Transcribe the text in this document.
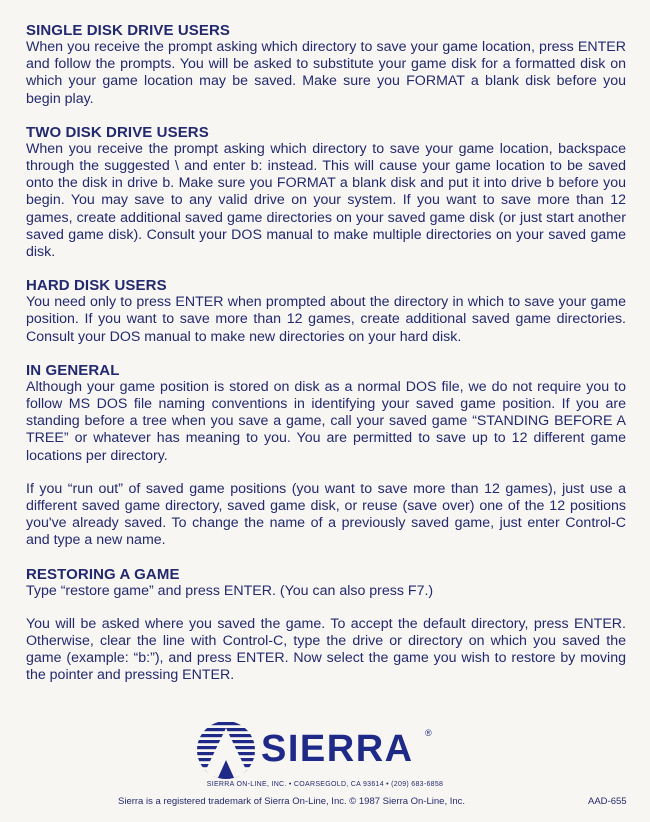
SINGLE DISK DRIVE USERS

When you receive the prompt asking which directory to save your game location, press ENTER and follow the prompts. You will be asked to substitute your game disk for a formatted disk on which your game location may be saved. Make sure you FORMAT a blank disk before you begin play.

TWO DISK DRIVE USERS

When you receive the prompt asking which directory to save your game location, backspace through the suggested \ and enter b: instead. This will cause your game location to be saved onto the disk in drive b. Make sure you FORMAT a blank disk and put it into drive b before you begin. You may save to any valid drive on your system. If you want to save more than 12 games, create additional saved game directories on your saved game disk (or just start another saved game disk). Consult your DOS manual to make multiple directories on your saved game disk.

HARD DISK USERS

You need only to press ENTER when prompted about the directory in which to save your game position. If you want to save more than 12 games, create additional saved game directories. Consult your DOS manual to make new directories on your hard disk.

IN GENERAL

Although your game position is stored on disk as a normal DOS file, we do not require you to follow MS DOS file naming conventions in identifying your saved game position. If you are standing before a tree when you save a game, call your saved game “STANDING BEFORE A TREE” or whatever has meaning to you. You are permitted to save up to 12 different game locations per directory.

If you “run out” of saved game positions (you want to save more than 12 games), just use a different saved game directory, saved game disk, or reuse (save over) one of the 12 positions you've already saved. To change the name of a previously saved game, just enter Control-C and type a new name.

RESTORING A GAME

Type “restore game” and press ENTER. (You can also press F7.)

You will be asked where you saved the game. To accept the default directory, press ENTER. Otherwise, clear the line with Control-C, type the drive or directory on which you saved the game (example: “b:”), and press ENTER. Now select the game you wish to restore by moving the pointer and pressing ENTER.

SIERRA ®
SIERRA ON-LINE, INC. • COARSEGOLD, CA 93614 • (209) 683-6858
Sierra is a registered trademark of Sierra On-Line, Inc. © 1987 Sierra On-Line, Inc.	AAD-655
